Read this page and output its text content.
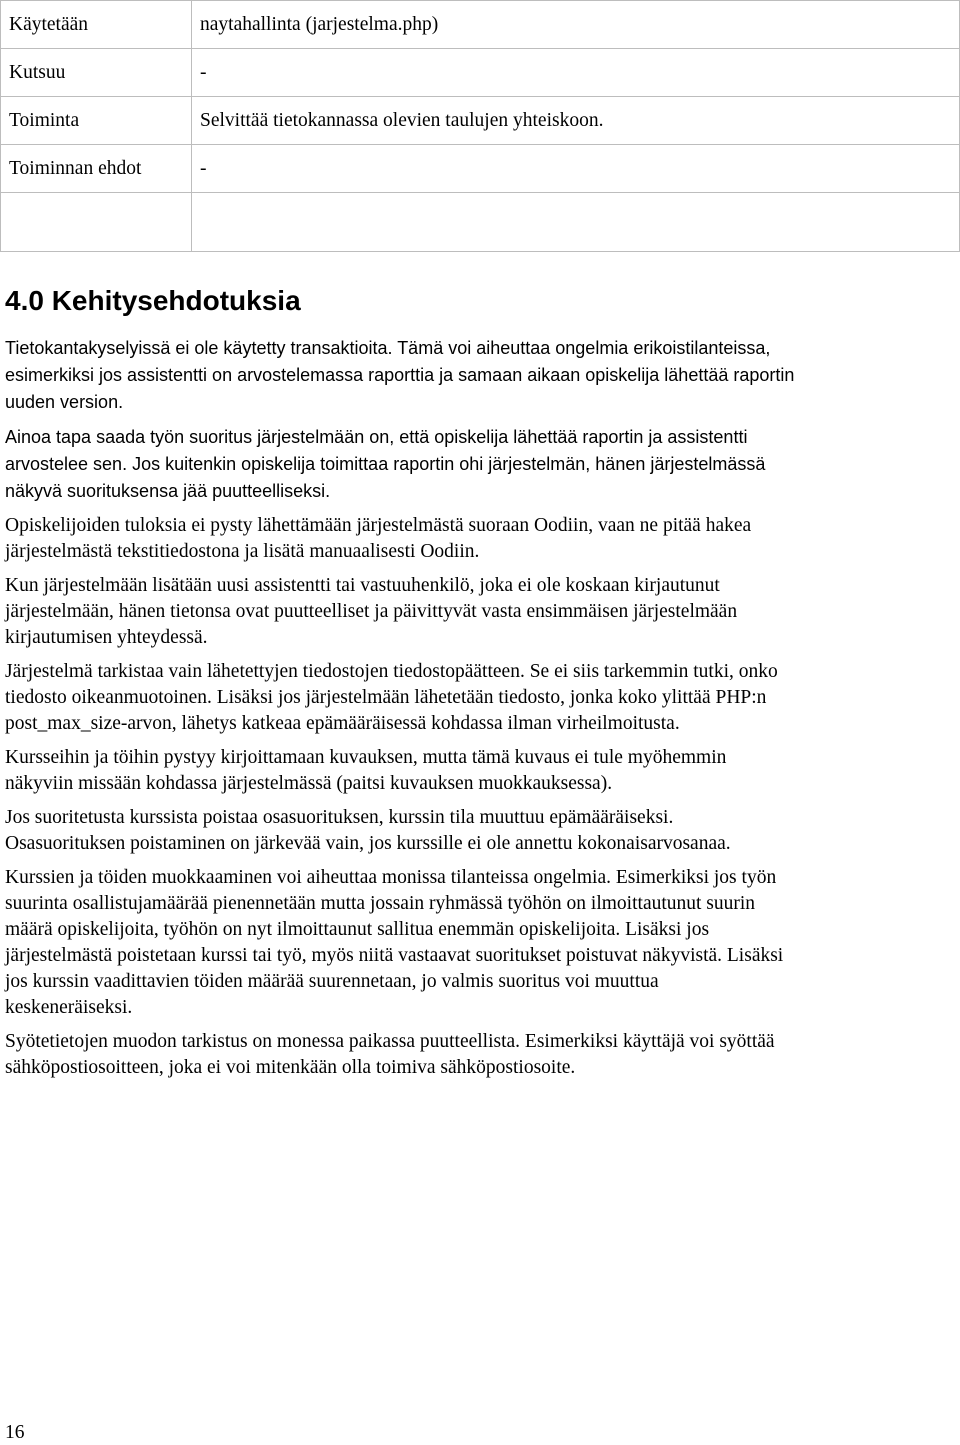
Käytetään	naytahallinta (jarjestelma.php)
Kutsuu	-
Toiminta	Selvittää tietokannassa olevien taulujen yhteiskoon.
Toiminnan ehdot	-

4.0 Kehitysehdotuksia

Tietokantakyselyissä ei ole käytetty transaktioita. Tämä voi aiheuttaa ongelmia erikoistilanteissa,
esimerkiksi jos assistentti on arvostelemassa raporttia ja samaan aikaan opiskelija lähettää raportin
uuden version.

Ainoa tapa saada työn suoritus järjestelmään on, että opiskelija lähettää raportin ja assistentti
arvostelee sen. Jos kuitenkin opiskelija toimittaa raportin ohi järjestelmän, hänen järjestelmässä
näkyvä suorituksensa jää puutteelliseksi.

Opiskelijoiden tuloksia ei pysty lähettämään järjestelmästä suoraan Oodiin, vaan ne pitää hakea
järjestelmästä tekstitiedostona ja lisätä manuaalisesti Oodiin.

Kun järjestelmään lisätään uusi assistentti tai vastuuhenkilö, joka ei ole koskaan kirjautunut
järjestelmään, hänen tietonsa ovat puutteelliset ja päivittyvät vasta ensimmäisen järjestelmään
kirjautumisen yhteydessä.

Järjestelmä tarkistaa vain lähetettyjen tiedostojen tiedostopäätteen. Se ei siis tarkemmin tutki, onko
tiedosto oikeanmuotoinen. Lisäksi jos järjestelmään lähetetään tiedosto, jonka koko ylittää PHP:n
post_max_size-arvon, lähetys katkeaa epämääräisessä kohdassa ilman virheilmoitusta.

Kursseihin ja töihin pystyy kirjoittamaan kuvauksen, mutta tämä kuvaus ei tule myöhemmin
näkyviin missään kohdassa järjestelmässä (paitsi kuvauksen muokkauksessa).

Jos suoritetusta kurssista poistaa osasuorituksen, kurssin tila muuttuu epämääräiseksi.
Osasuorituksen poistaminen on järkevää vain, jos kurssille ei ole annettu kokonaisarvosanaa.

Kurssien ja töiden muokkaaminen voi aiheuttaa monissa tilanteissa ongelmia. Esimerkiksi jos työn
suurinta osallistujamäärää pienennetään mutta jossain ryhmässä työhön on ilmoittautunut suurin
määrä opiskelijoita, työhön on nyt ilmoittaunut sallitua enemmän opiskelijoita. Lisäksi jos
järjestelmästä poistetaan kurssi tai työ, myös niitä vastaavat suoritukset poistuvat näkyvistä. Lisäksi
jos kurssin vaadittavien töiden määrää suurennetaan, jo valmis suoritus voi muuttua
keskeneräiseksi.

Syötetietojen muodon tarkistus on monessa paikassa puutteellista. Esimerkiksi käyttäjä voi syöttää
sähköpostiosoitteen, joka ei voi mitenkään olla toimiva sähköpostiosoite.

16
